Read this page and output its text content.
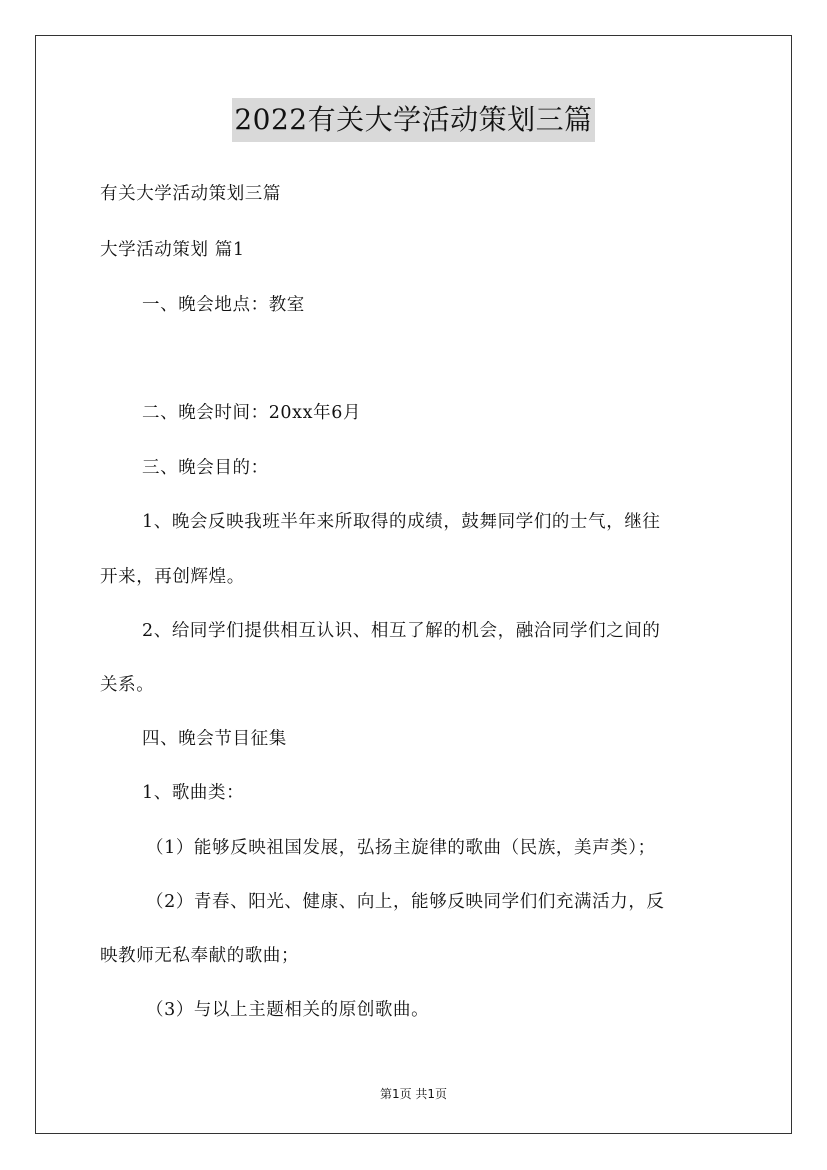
2022有关大学活动策划三篇
有关大学活动策划三篇
大学活动策划 篇1
一、晚会地点：教室
二、晚会时间：20xx年6月
三、晚会目的：
1、晚会反映我班半年来所取得的成绩，鼓舞同学们的士气，继往
开来，再创辉煌。
2、给同学们提供相互认识、相互了解的机会，融洽同学们之间的
关系。
四、晚会节目征集
1、歌曲类：
（1）能够反映祖国发展，弘扬主旋律的歌曲（民族，美声类）；
（2）青春、阳光、健康、向上，能够反映同学们们充满活力，反
映教师无私奉献的歌曲；
（3）与以上主题相关的原创歌曲。
第1页 共1页
